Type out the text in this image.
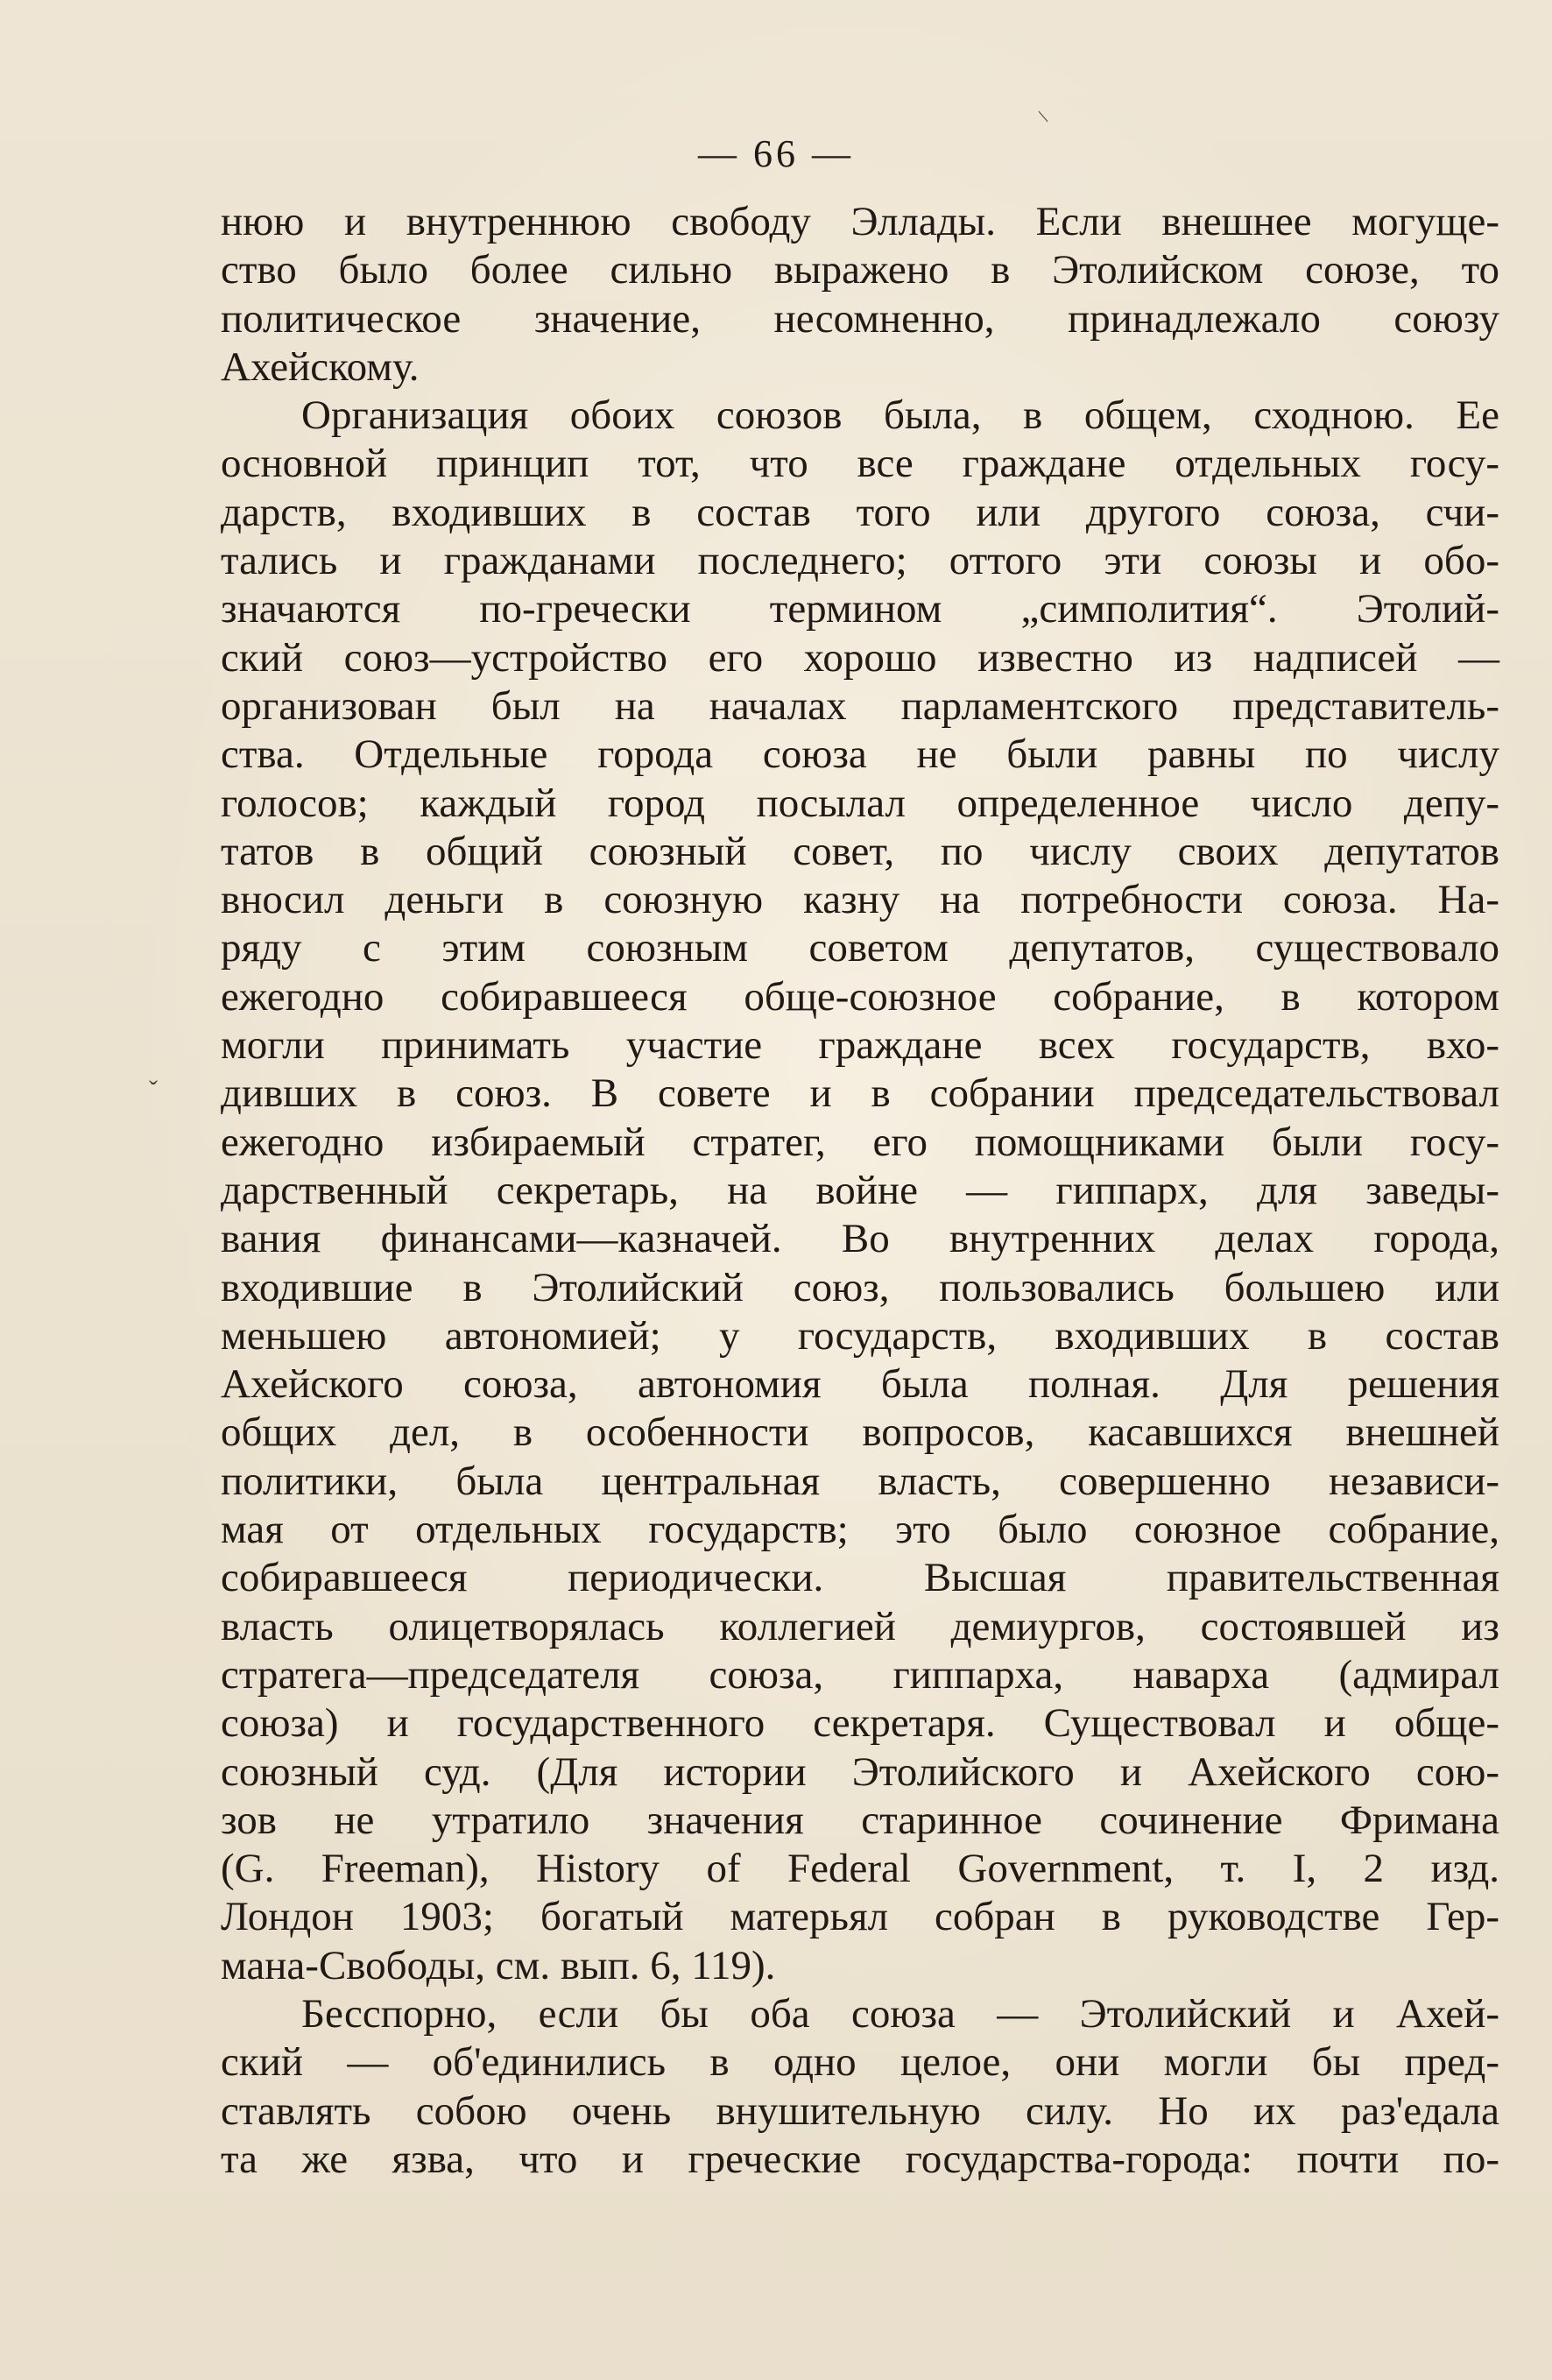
— 66 —
/
ˇ
нюю и внутреннюю свободу Эллады. Если внешнее могуще-
ство было более сильно выражено в Этолийском союзе, то
политическое значение, несомненно, принадлежало союзу
Ахейскому.
Организация обоих союзов была, в общем, сходною. Ее
основной принцип тот, что все граждане отдельных госу-
дарств, входивших в состав того или другого союза, счи-
тались и гражданами последнего; оттого эти союзы и обо-
значаются по-гречески термином „симполития“. Этолий-
ский союз—устройство его хорошо известно из надписей —
организован был на началах парламентского представитель-
ства. Отдельные города союза не были равны по числу
голосов; каждый город посылал определенное число депу-
татов в общий союзный совет, по числу своих депутатов
вносил деньги в союзную казну на потребности союза. На-
ряду с этим союзным советом депутатов, существовало
ежегодно собиравшееся обще-союзное собрание, в котором
могли принимать участие граждане всех государств, вхо-
дивших в союз. В совете и в собрании председательствовал
ежегодно избираемый стратег, его помощниками были госу-
дарственный секретарь, на войне — гиппарх, для заведы-
вания финансами—казначей. Во внутренних делах города,
входившие в Этолийский союз, пользовались большею или
меньшею автономией; у государств, входивших в состав
Ахейского союза, автономия была полная. Для решения
общих дел, в особенности вопросов, касавшихся внешней
политики, была центральная власть, совершенно независи-
мая от отдельных государств; это было союзное собрание,
собиравшееся периодически. Высшая правительственная
власть олицетворялась коллегией демиургов, состоявшей из
стратега—председателя союза, гиппарха, наварха (адмирал
союза) и государственного секретаря. Существовал и обще-
союзный суд. (Для истории Этолийского и Ахейского сою-
зов не утратило значения старинное сочинение Фримана
(G. Freeman), History of Federal Government, т. I, 2 изд.
Лондон 1903; богатый матерьял собран в руководстве Гер-
мана-Свободы, см. вып. 6, 119).
Бесспорно, если бы оба союза — Этолийский и Ахей-
ский — об'единились в одно целое, они могли бы пред-
ставлять собою очень внушительную силу. Но их раз'едала
та же язва, что и греческие государства-города: почти по-
